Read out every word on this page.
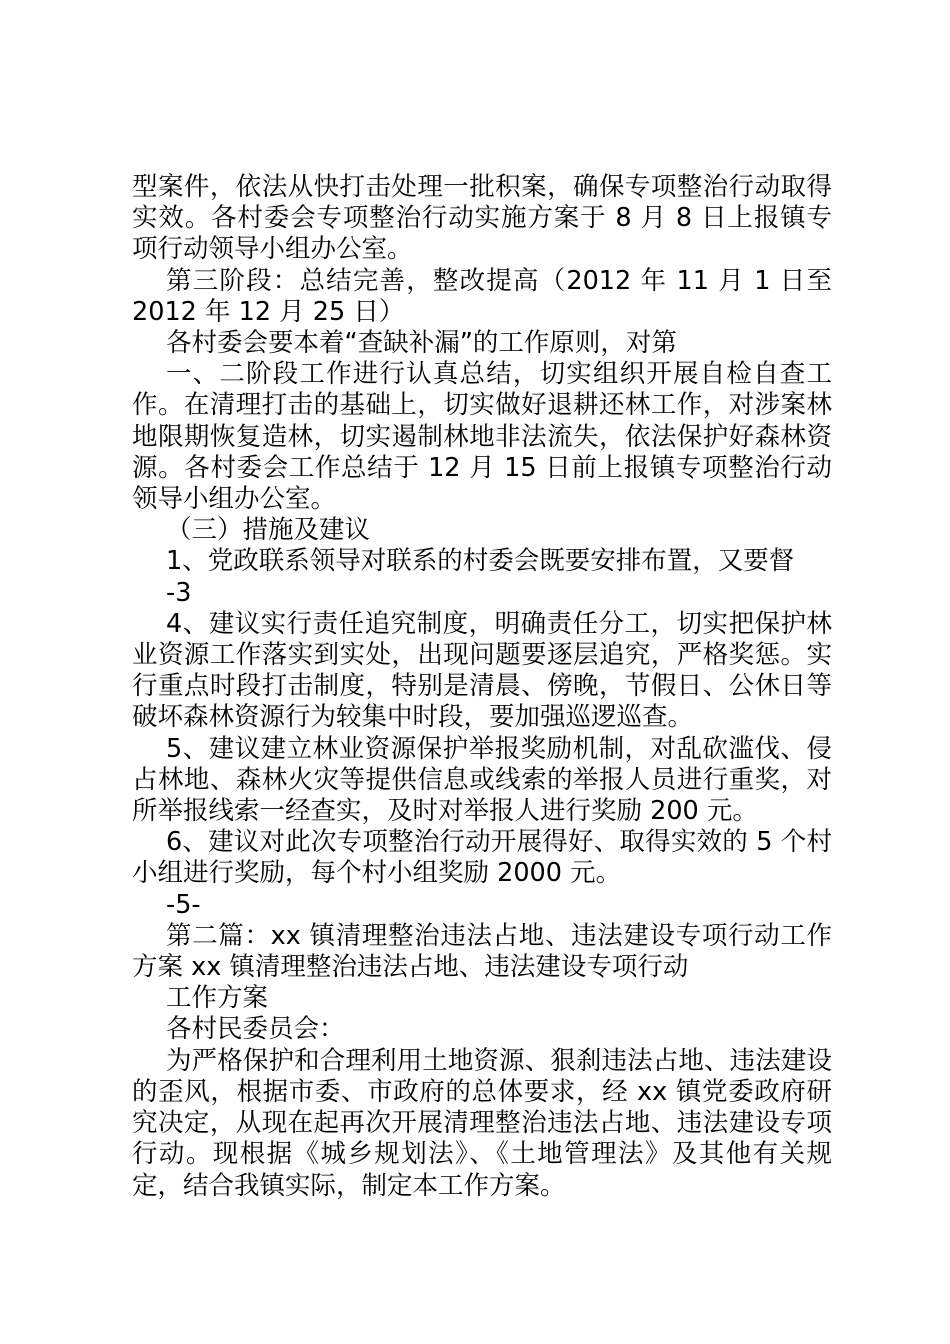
型案件，依法从快打击处理一批积案，确保专项整治行动取得实效。各村委会专项整治行动实施方案于 8 月 8 日上报镇专项行动领导小组办公室。

第三阶段：总结完善，整改提高（2012 年 11 月 1 日至 2012 年 12 月 25 日）

各村委会要本着“查缺补漏”的工作原则，对第

一、二阶段工作进行认真总结，切实组织开展自检自查工作。在清理打击的基础上，切实做好退耕还林工作，对涉案林地限期恢复造林，切实遏制林地非法流失，依法保护好森林资源。各村委会工作总结于 12 月 15 日前上报镇专项整治行动领导小组办公室。

（三）措施及建议

1、党政联系领导对联系的村委会既要安排布置，又要督

-3

4、建议实行责任追究制度，明确责任分工，切实把保护林业资源工作落实到实处，出现问题要逐层追究，严格奖惩。实行重点时段打击制度，特别是清晨、傍晚，节假日、公休日等破坏森林资源行为较集中时段，要加强巡逻巡查。

5、建议建立林业资源保护举报奖励机制，对乱砍滥伐、侵占林地、森林火灾等提供信息或线索的举报人员进行重奖，对所举报线索一经查实，及时对举报人进行奖励 200 元。

6、建议对此次专项整治行动开展得好、取得实效的 5 个村小组进行奖励，每个村小组奖励 2000 元。

-5-

第二篇：xx 镇清理整治违法占地、违法建设专项行动工作方案 xx 镇清理整治违法占地、违法建设专项行动

工作方案

各村民委员会：

为严格保护和合理利用土地资源、狠刹违法占地、违法建设的歪风，根据市委、市政府的总体要求，经 xx 镇党委政府研究决定，从现在起再次开展清理整治违法占地、违法建设专项行动。现根据《城乡规划法》、《土地管理法》及其他有关规定，结合我镇实际，制定本工作方案。
